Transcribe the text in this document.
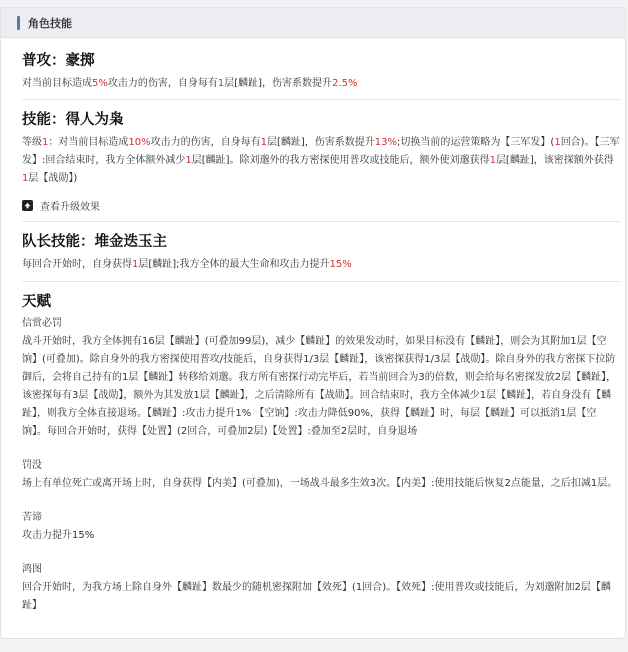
角色技能

普攻：豪掷

对当前目标造成5%攻击力的伤害，自身每有1层[麟趾]，伤害系数提升2.5%

技能：得人为枭

等级1：对当前目标造成10%攻击力的伤害，自身每有1层[麟趾]，伤害系数提升13%;切换当前的运营策略为【三军发】(1回合)。【三军发】:回合结束时，我方全体额外减少1层[麟趾]。除刘邈外的我方密探使用普攻或技能后，额外使刘邈获得1层[麟趾]，该密探额外获得1层【战勋】)

查看升级效果

队长技能：堆金迭玉主

每回合开始时，自身获得1层[麟趾];我方全体的最大生命和攻击力提升15%

天赋

信赏必罚

战斗开始时，我方全体拥有16层【麟趾】(可叠加99层)，减少【麟趾】的效果发动时，如果目标没有【麟趾】，则会为其附加1层【空饷】(可叠加)。除自身外的我方密探使用普攻/技能后，自身获得1/3层【麟趾】，该密探获得1/3层【战勋】。除自身外的我方密探下拉防御后，会将自己持有的1层【麟趾】转移给刘邈。我方所有密探行动完毕后，若当前回合为3的倍数，则会给每名密探发放2层【麟趾】，该密探每有3层【战勋】，额外为其发放1层【麟趾】，之后清除所有【战勋】。回合结束时，我方全体减少1层【麟趾】，若自身没有【麟趾】，则我方全体直接退场。【麟趾】:攻击力提升1% 【空饷】:攻击力降低90%，获得【麟趾】时，每层【麟趾】可以抵消1层【空饷】。每回合开始时，获得【处置】(2回合，可叠加2层)【处置】:叠加至2层时，自身退场

罚没

场上有单位死亡或离开场上时，自身获得【内美】(可叠加)，一场战斗最多生效3次。【内美】:使用技能后恢复2点能量，之后扣减1层。

苦谛

攻击力提升15%

鸿图

回合开始时，为我方场上除自身外【麟趾】数最少的随机密探附加【效死】(1回合)。【效死】:使用普攻或技能后，为刘邈附加2层【麟趾】
